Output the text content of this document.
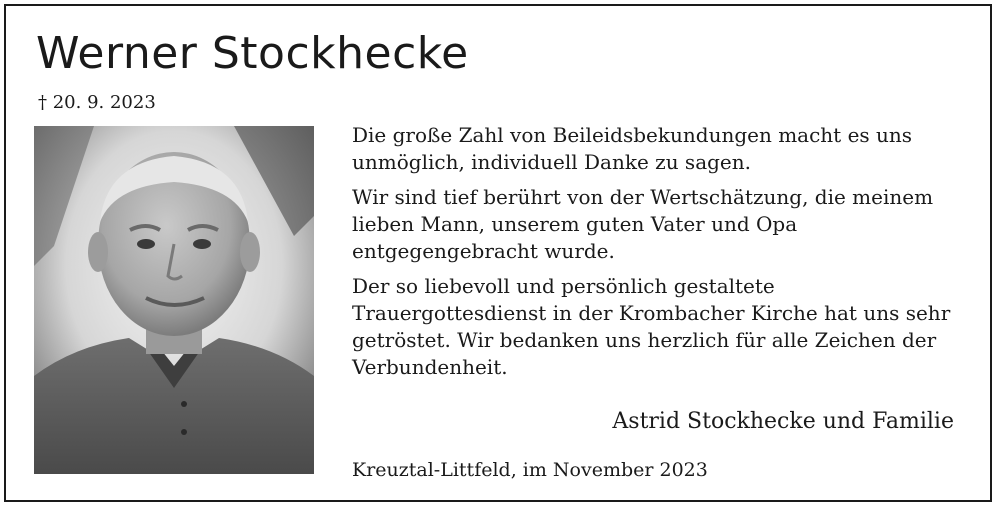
Werner Stockhecke
† 20. 9. 2023

Die große Zahl von Beileidsbekundungen macht es uns unmöglich, individuell Danke zu sagen.

Wir sind tief berührt von der Wertschätzung, die meinem lieben Mann, unserem guten Vater und Opa entgegengebracht wurde.

Der so liebevoll und persönlich gestaltete Trauergottesdienst in der Krombacher Kirche hat uns sehr getröstet. Wir bedanken uns herzlich für alle Zeichen der Verbundenheit.

Astrid Stockhecke und Familie
Kreuztal-Littfeld, im November 2023
